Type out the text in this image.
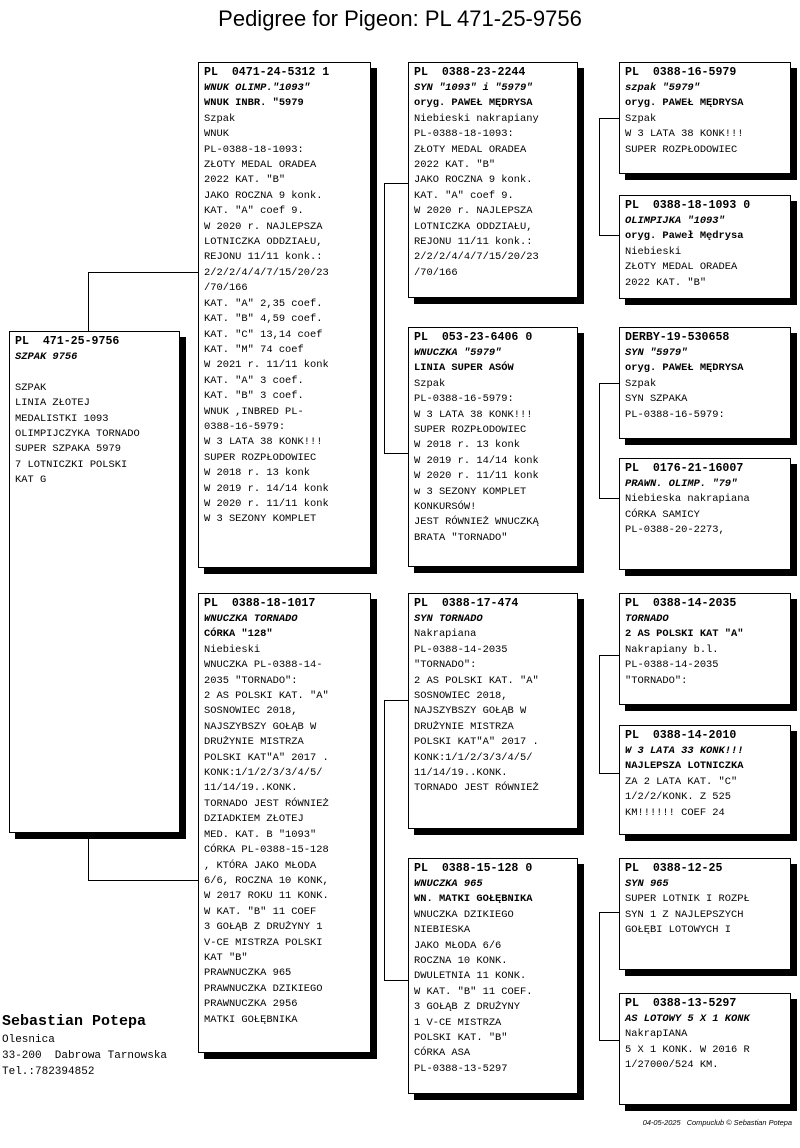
Pedigree for Pigeon: PL 471-25-9756
PL  471-25-9756
SZPAK 9756
SZPAK
LINIA ZŁOTEJ
MEDALISTKI 1093
OLIMPIJCZYKA TORNADO
SUPER SZPAKA 5979
7 LOTNICZKI POLSKI
KAT G
PL  0471-24-5312 1
WNUK OLIMP."1093"
WNUK INBR. "5979
Szpak
WNUK
PL-0388-18-1093:
ZŁOTY MEDAL ORADEA
2022 KAT. "B"
JAKO ROCZNA 9 konk.
KAT. "A" coef 9.
W 2020 r. NAJLEPSZA
LOTNICZKA ODDZIAŁU,
REJONU 11/11 konk.:
2/2/2/4/4/7/15/20/23
/70/166
KAT. "A" 2,35 coef.
KAT. "B" 4,59 coef.
KAT. "C" 13,14 coef
KAT. "M" 74 coef
W 2021 r. 11/11 konk
KAT. "A" 3 coef.
KAT. "B" 3 coef.
WNUK ,INBRED PL-
0388-16-5979:
W 3 LATA 38 KONK!!!
SUPER ROZPŁODOWIEC
W 2018 r. 13 konk
W 2019 r. 14/14 konk
W 2020 r. 11/11 konk
W 3 SEZONY KOMPLET
PL  0388-18-1017
WNUCZKA TORNADO
CÓRKA "128"
Niebieski
WNUCZKA PL-0388-14-
2035 "TORNADO":
2 AS POLSKI KAT. "A"
SOSNOWIEC 2018,
NAJSZYBSZY GOŁĄB W
DRUŻYNIE MISTRZA
POLSKI KAT"A" 2017 .
KONK:1/1/2/3/3/4/5/
11/14/19..KONK.
TORNADO JEST RÓWNIEŻ
DZIADKIEM ZŁOTEJ
MED. KAT. B "1093"
CÓRKA PL-0388-15-128
, KTÓRA JAKO MŁODA
6/6, ROCZNA 10 KONK,
W 2017 ROKU 11 KONK.
W KAT. "B" 11 COEF
3 GOŁĄB Z DRUŻYNY 1
V-CE MISTRZA POLSKI
KAT "B"
PRAWNUCZKA 965
PRAWNUCZKA DZIKIEGO
PRAWNUCZKA 2956
MATKI GOŁĘBNIKA
PL  0388-23-2244
SYN "1093" i "5979"
oryg. PAWEŁ MĘDRYSA
Niebieski nakrapiany
PL-0388-18-1093:
ZŁOTY MEDAL ORADEA
2022 KAT. "B"
JAKO ROCZNA 9 konk.
KAT. "A" coef 9.
W 2020 r. NAJLEPSZA
LOTNICZKA ODDZIAŁU,
REJONU 11/11 konk.:
2/2/2/4/4/7/15/20/23
/70/166
PL  053-23-6406 0
WNUCZKA "5979"
LINIA SUPER ASÓW
Szpak
PL-0388-16-5979:
W 3 LATA 38 KONK!!!
SUPER ROZPŁODOWIEC
W 2018 r. 13 konk
W 2019 r. 14/14 konk
W 2020 r. 11/11 konk
w 3 SEZONY KOMPLET
KONKURSÓW!
JEST RÓWNIEŻ WNUCZKĄ
BRATA "TORNADO"
PL  0388-17-474
SYN TORNADO
Nakrapiana
PL-0388-14-2035
"TORNADO":
2 AS POLSKI KAT. "A"
SOSNOWIEC 2018,
NAJSZYBSZY GOŁĄB W
DRUŻYNIE MISTRZA
POLSKI KAT"A" 2017 .
KONK:1/1/2/3/3/4/5/
11/14/19..KONK.
TORNADO JEST RÓWNIEŻ
PL  0388-15-128 0
WNUCZKA 965
WN. MATKI GOŁĘBNIKA
WNUCZKA DZIKIEGO
NIEBIESKA
JAKO MŁODA 6/6
ROCZNA 10 KONK.
DWULETNIA 11 KONK.
W KAT. "B" 11 COEF.
3 GOŁĄB Z DRUŻYNY
1 V-CE MISTRZA
POLSKI KAT. "B"
CÓRKA ASA
PL-0388-13-5297
PL  0388-16-5979
szpak "5979"
oryg. PAWEŁ MĘDRYSA
Szpak
W 3 LATA 38 KONK!!!
SUPER ROZPŁODOWIEC
PL  0388-18-1093 0
OLIMPIJKA "1093"
oryg. Paweł Mędrysa
Niebieski
ZŁOTY MEDAL ORADEA
2022 KAT. "B"
DERBY-19-530658
SYN "5979"
oryg. PAWEŁ MĘDRYSA
Szpak
SYN SZPAKA
PL-0388-16-5979:
PL  0176-21-16007
PRAWN. OLIMP. "79"
Niebieska nakrapiana
CÓRKA SAMICY
PL-0388-20-2273,
PL  0388-14-2035
TORNADO
2 AS POLSKI KAT "A"
Nakrapiany b.l.
PL-0388-14-2035
"TORNADO":
PL  0388-14-2010
W 3 LATA 33 KONK!!!
NAJLEPSZA LOTNICZKA
ZA 2 LATA KAT. "C"
1/2/2/KONK. Z 525
KM!!!!!! COEF 24
PL  0388-12-25
SYN 965
SUPER LOTNIK I ROZPŁ
SYN 1 Z NAJLEPSZYCH
GOŁĘBI LOTOWYCH I
PL  0388-13-5297
AS LOTOWY 5 X 1 KONK
NakrapIANA
5 X 1 KONK. W 2016 R
1/27000/524 KM.
Sebastian Potepa
Olesnica
33-200  Dabrowa Tarnowska
Tel.:782394852
04-05-2025   Compuclub © Sebastian Potepa
